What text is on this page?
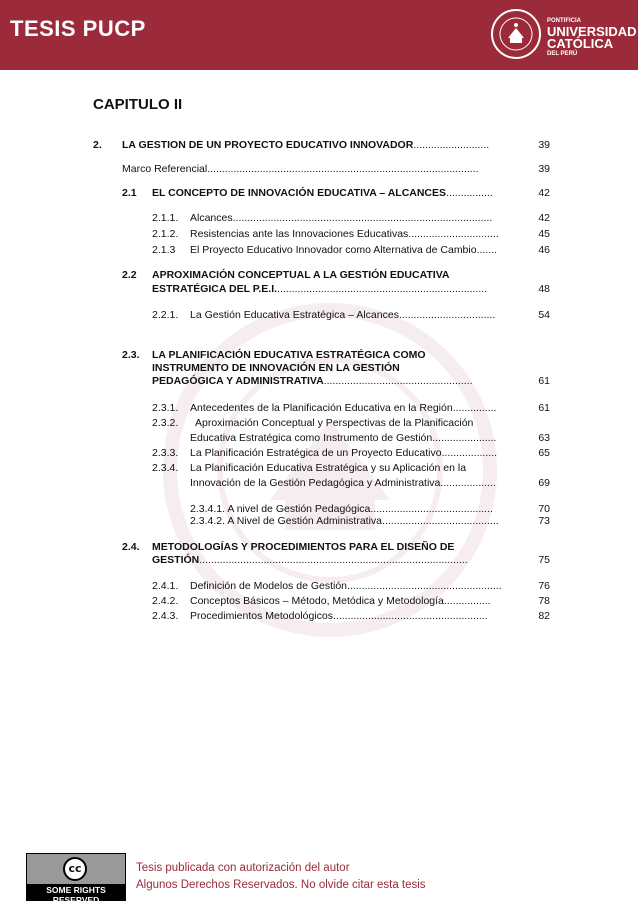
TESIS PUCP	PONTIFICIA
UNIVERSIDAD
CATÓLICA
DEL PERÚ
CAPITULO II
2. LA GESTION DE UN PROYECTO EDUCATIVO INNOVADOR..........................	39
Marco Referencial.............................................................................................	39
2.1 EL CONCEPTO DE INNOVACIÓN EDUCATIVA – ALCANCES................	42
2.1.1. Alcances.........................................................................................	42
2.1.2. Resistencias ante las Innovaciones Educativas...............................	45
2.1.3 El Proyecto Educativo Innovador como Alternativa de Cambio.......	46
2.2 APROXIMACIÓN CONCEPTUAL A LA GESTIÓN EDUCATIVA
ESTRATÉGICA DEL P.E.I.........................................................................	48
2.2.1. La Gestión Educativa Estratégica – Alcances.................................	54
2.3. LA PLANIFICACIÓN EDUCATIVA ESTRATÉGICA COMO
INSTRUMENTO DE INNOVACIÓN EN LA GESTIÓN
PEDAGÓGICA Y ADMINISTRATIVA...................................................	61
2.3.1. Antecedentes de la Planificación Educativa en la Región...............	61
2.3.2. Aproximación Conceptual y Perspectivas de la Planificación
Educativa Estratégica como Instrumento de Gestión......................	63
2.3.3. La Planificación Estratégica de un Proyecto Educativo...................	65
2.3.4. La Planificación Educativa Estratégica y su Aplicación en la
Innovación de la Gestión Pedagógica y Administrativa...................	69
2.3.4.1. A nivel de Gestión Pedagógica..........................................	70
2.3.4.2. A Nivel de Gestión Administrativa........................................	73
2.4. METODOLOGÍAS Y PROCEDIMIENTOS PARA EL DISEÑO DE
GESTIÓN............................................................................................	75
2.4.1. Definición de Modelos de Gestión.....................................................	76
2.4.2. Conceptos Básicos – Método, Metódica y Metodología................	78
2.4.3. Procedimientos Metodológicos.....................................................	82
cc
SOME RIGHTS RESERVED
Tesis publicada con autorización del autor
Algunos Derechos Reservados. No olvide citar esta tesis
